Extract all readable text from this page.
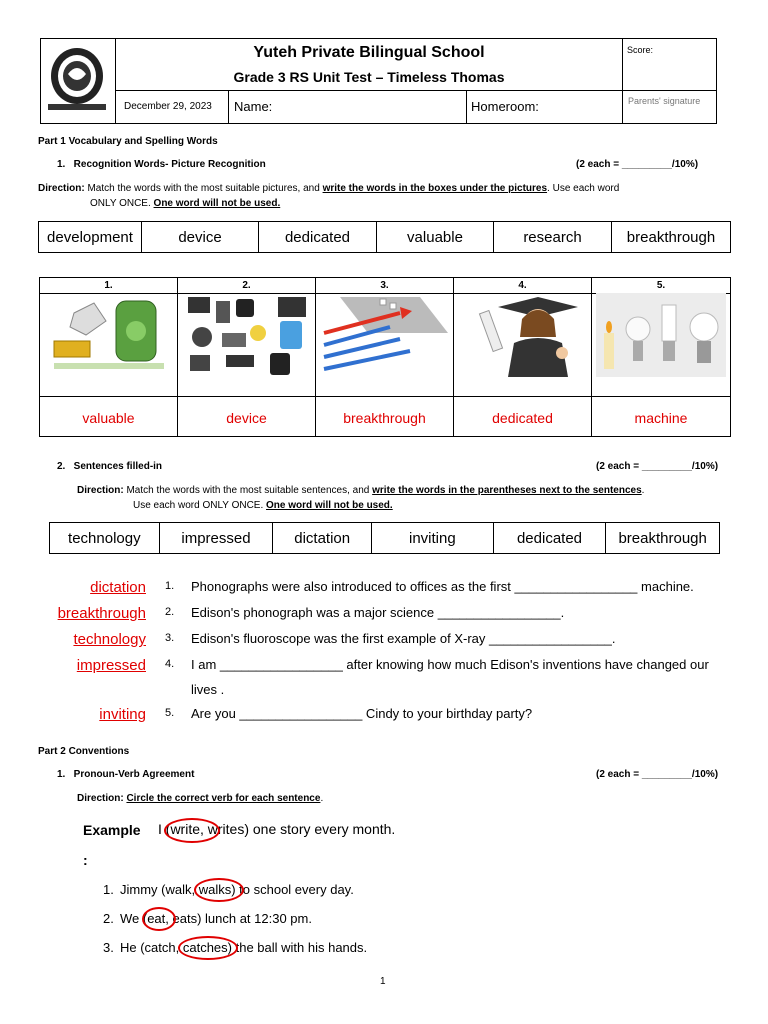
Yuteh Private Bilingual School
Grade 3 RS Unit Test – Timeless Thomas
Score:
Parents' signature
December 29, 2023 Name:	Homeroom:
Part 1 Vocabulary and Spelling Words
1.   Recognition Words- Picture Recognition	(2 each = _________/10%)
Direction: Match the words with the most suitable pictures, and write the words in the boxes under the pictures. Use each word
ONLY ONCE. One word will not be used.
development	device	dedicated	valuable	research	breakthrough
1.
valuable
2.
device
3.
breakthrough
4.
dedicated
5.
machine
2.   Sentences filled-in	(2 each = _________/10%)
Direction: Match the words with the most suitable sentences, and write the words in the parentheses next to the sentences.
Use each word ONLY ONCE. One word will not be used.
technology	impressed	dictation	inviting	dedicated	breakthrough
dictation 1. Phonographs were also introduced to offices as the first _________________ machine.
breakthrough 2. Edison's phonograph was a major science _________________.
technology 3. Edison's fluoroscope was the first example of X-ray _________________.
impressed 4. I am _________________ after knowing how much Edison's inventions have changed our
lives .
inviting 5. Are you _________________ Cindy to your birthday party?
Part 2 Conventions
1.   Pronoun-Verb Agreement	(2 each = _________/10%)
Direction: Circle the correct verb for each sentence.
Example
:
I (write, writes) one story every month.
1. Jimmy (walk, walks) to school every day.
2. We (eat, eats) lunch at 12:30 pm.
3. He (catch, catches) the ball with his hands.
1
